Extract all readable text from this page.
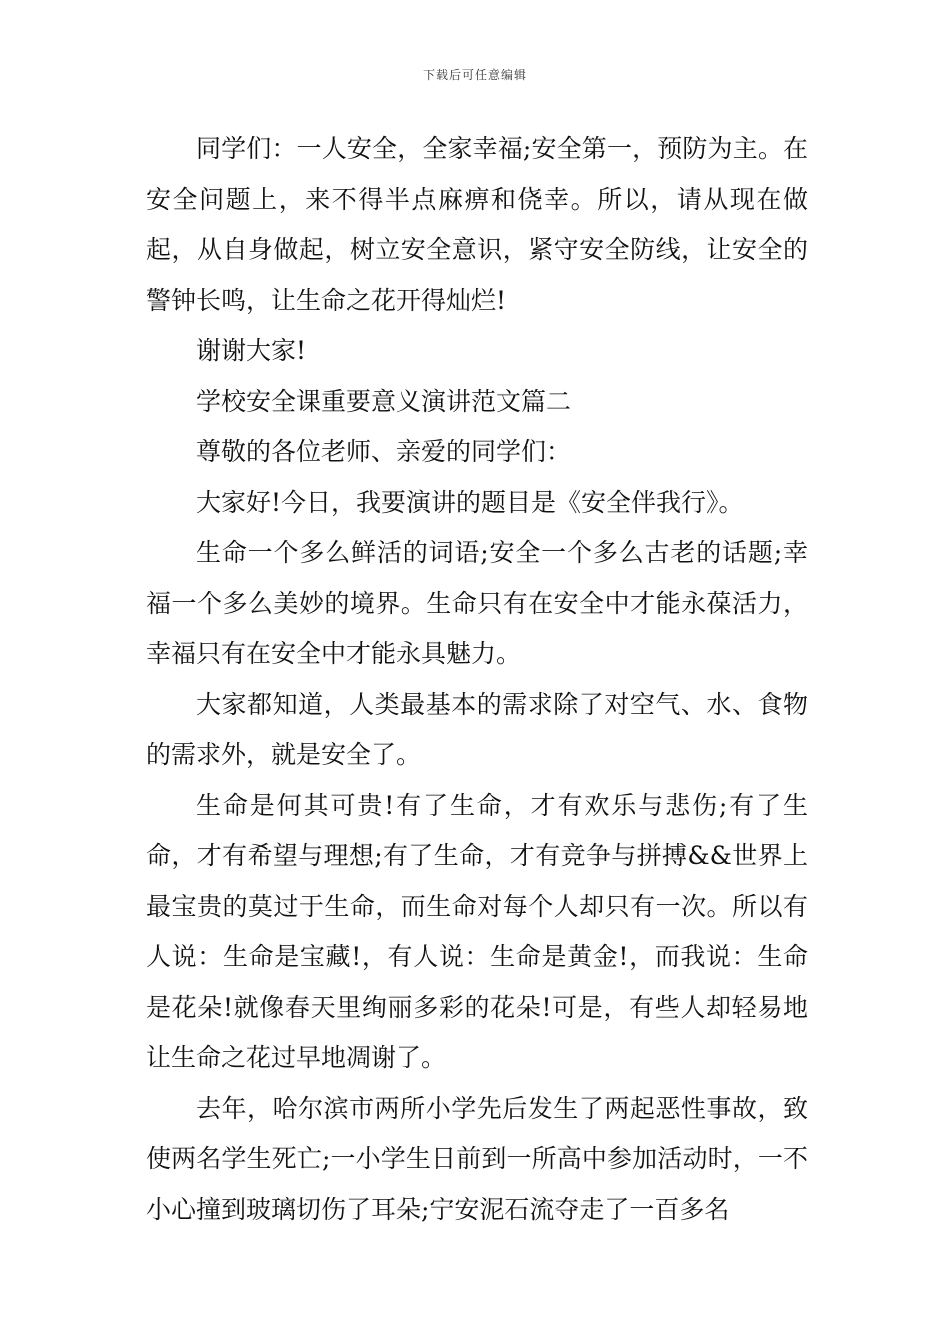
下载后可任意编辑

同学们：一人安全，全家幸福;安全第一，预防为主。在安全问题上，来不得半点麻痹和侥幸。所以，请从现在做起，从自身做起，树立安全意识，紧守安全防线，让安全的警钟长鸣，让生命之花开得灿烂!

谢谢大家!

学校安全课重要意义演讲范文篇二

尊敬的各位老师、亲爱的同学们：

大家好!今日，我要演讲的题目是《安全伴我行》。

生命一个多么鲜活的词语;安全一个多么古老的话题;幸福一个多么美妙的境界。生命只有在安全中才能永葆活力，幸福只有在安全中才能永具魅力。

大家都知道，人类最基本的需求除了对空气、水、食物的需求外，就是安全了。

生命是何其可贵!有了生命，才有欢乐与悲伤;有了生命，才有希望与理想;有了生命，才有竞争与拼搏&&世界上最宝贵的莫过于生命，而生命对每个人却只有一次。所以有人说：生命是宝藏!，有人说：生命是黄金!，而我说：生命是花朵!就像春天里绚丽多彩的花朵!可是，有些人却轻易地让生命之花过早地凋谢了。

去年，哈尔滨市两所小学先后发生了两起恶性事故，致使两名学生死亡;一小学生日前到一所高中参加活动时，一不小心撞到玻璃切伤了耳朵;宁安泥石流夺走了一百多名
